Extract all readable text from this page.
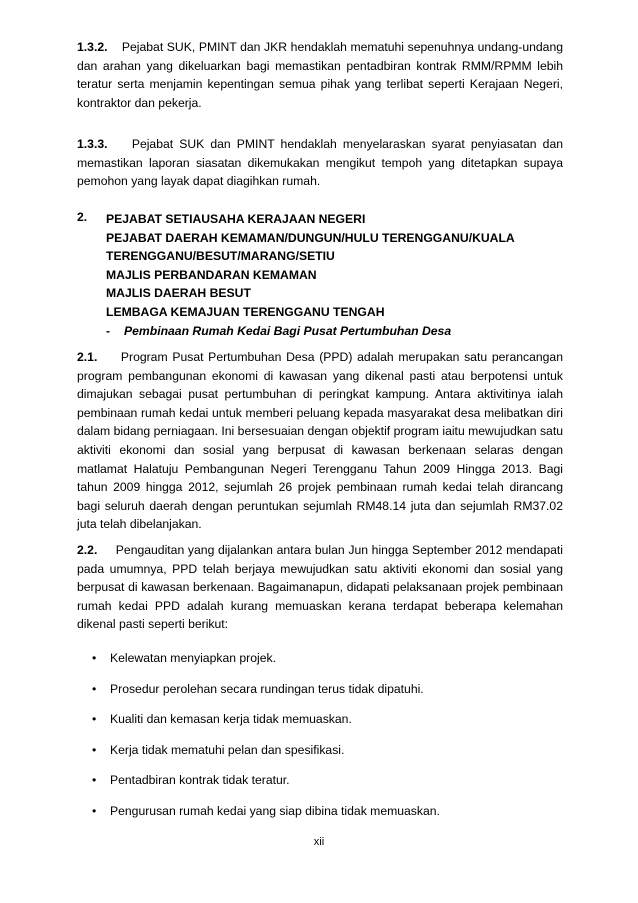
1.3.2. Pejabat SUK, PMINT dan JKR hendaklah mematuhi sepenuhnya undang-undang dan arahan yang dikeluarkan bagi memastikan pentadbiran kontrak RMM/RPMM lebih teratur serta menjamin kepentingan semua pihak yang terlibat seperti Kerajaan Negeri, kontraktor dan pekerja.

1.3.3. Pejabat SUK dan PMINT hendaklah menyelaraskan syarat penyiasatan dan memastikan laporan siasatan dikemukakan mengikut tempoh yang ditetapkan supaya pemohon yang layak dapat diagihkan rumah.

2. PEJABAT SETIAUSAHA KERAJAAN NEGERI
PEJABAT DAERAH KEMAMAN/DUNGUN/HULU TERENGGANU/KUALA
TERENGGANU/BESUT/MARANG/SETIU
MAJLIS PERBANDARAN KEMAMAN
MAJLIS DAERAH BESUT
LEMBAGA KEMAJUAN TERENGGANU TENGAH
- Pembinaan Rumah Kedai Bagi Pusat Pertumbuhan Desa

2.1. Program Pusat Pertumbuhan Desa (PPD) adalah merupakan satu perancangan program pembangunan ekonomi di kawasan yang dikenal pasti atau berpotensi untuk dimajukan sebagai pusat pertumbuhan di peringkat kampung. Antara aktivitinya ialah pembinaan rumah kedai untuk memberi peluang kepada masyarakat desa melibatkan diri dalam bidang perniagaan. Ini bersesuaian dengan objektif program iaitu mewujudkan satu aktiviti ekonomi dan sosial yang berpusat di kawasan berkenaan selaras dengan matlamat Halatuju Pembangunan Negeri Terengganu Tahun 2009 Hingga 2013. Bagi tahun 2009 hingga 2012, sejumlah 26 projek pembinaan rumah kedai telah dirancang bagi seluruh daerah dengan peruntukan sejumlah RM48.14 juta dan sejumlah RM37.02 juta telah dibelanjakan.

2.2. Pengauditan yang dijalankan antara bulan Jun hingga September 2012 mendapati pada umumnya, PPD telah berjaya mewujudkan satu aktiviti ekonomi dan sosial yang berpusat di kawasan berkenaan. Bagaimanapun, didapati pelaksanaan projek pembinaan rumah kedai PPD adalah kurang memuaskan kerana terdapat beberapa kelemahan dikenal pasti seperti berikut:

• Kelewatan menyiapkan projek.
• Prosedur perolehan secara rundingan terus tidak dipatuhi.
• Kualiti dan kemasan kerja tidak memuaskan.
• Kerja tidak mematuhi pelan dan spesifikasi.
• Pentadbiran kontrak tidak teratur.
• Pengurusan rumah kedai yang siap dibina tidak memuaskan.
xii
